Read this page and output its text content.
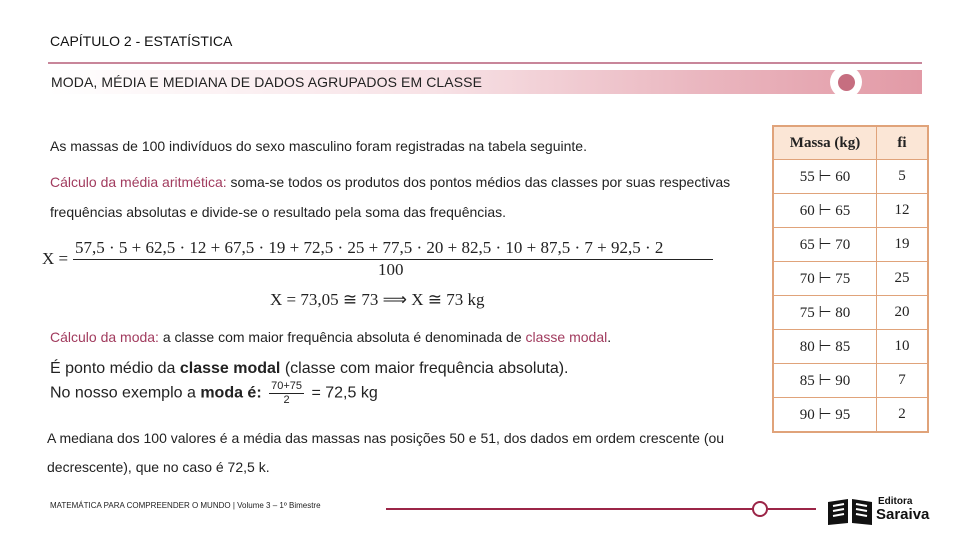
CAPÍTULO 2 - ESTATÍSTICA
MODA, MÉDIA E MEDIANA DE DADOS AGRUPADOS EM CLASSE
As massas de 100 indivíduos do sexo masculino foram registradas na tabela seguinte.
Cálculo da média aritmética: soma-se todos os produtos dos pontos médios das classes por suas respectivas frequências absolutas e divide-se o resultado pela soma das frequências.
X =
57,5 · 5 + 62,5 · 12 + 67,5 · 19 + 72,5 · 25 + 77,5 · 20 + 82,5 · 10 + 87,5 · 7 + 92,5 · 2
100
X = 73,05 ≅ 73 ⟹ X ≅ 73 kg
Cálculo da moda: a classe com maior frequência absoluta é denominada de classe modal.
É ponto médio da classe modal (classe com maior frequência absoluta).
No nosso exemplo a moda é: $\frac{70+75}{2} = 72,5$ kg
A mediana dos 100 valores é a média das massas nas posições 50 e 51, dos dados em ordem crescente (ou decrescente), que no caso é 72,5 k.
Massa (kg)	fi
55 ⊢ 60	5
60 ⊢ 65	12
65 ⊢ 70	19
70 ⊢ 75	25
75 ⊢ 80	20
80 ⊢ 85	10
85 ⊢ 90	7
90 ⊢ 95	2
MATEMÁTICA PARA COMPREENDER O MUNDO | Volume 3 – 1º Bimestre	Editora
Saraiva
